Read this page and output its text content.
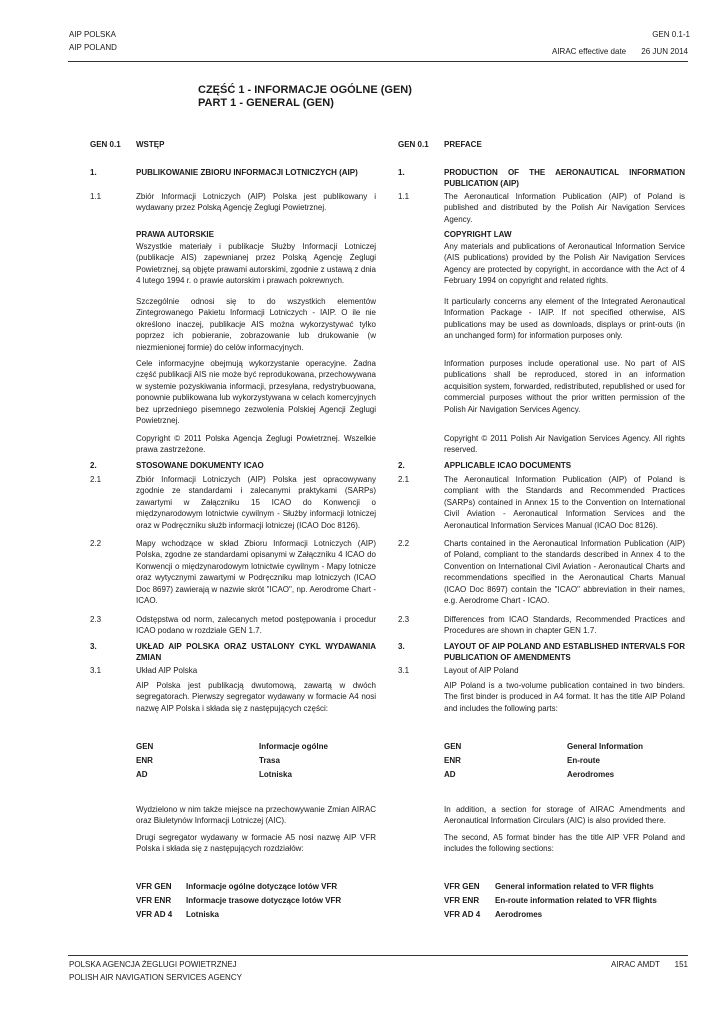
AIP POLSKA
AIP POLAND
GEN 0.1-1
AIRAC effective date 26 JUN 2014
CZĘŚĆ 1 - INFORMACJE OGÓLNE (GEN)
PART 1 - GENERAL (GEN)
GEN 0.1 WSTĘP
1.	PUBLIKOWANIE ZBIORU INFORMACJI LOTNICZYCH (AIP)
1.1	Zbiór Informacji Lotniczych (AIP) Polska jest publikowany i wydawany przez Polską Agencję Żeglugi Powietrznej.
PRAWA AUTORSKIE
Wszystkie materiały i publikacje Służby Informacji Lotniczej (publikacje AIS) zapewnianej przez Polską Agencję Żeglugi Powietrznej, są objęte prawami autorskimi, zgodnie z ustawą z dnia 4 lutego 1994 r. o prawie autorskim i prawach pokrewnych.
Szczególnie odnosi się to do wszystkich elementów Zintegrowanego Pakietu Informacji Lotniczych - IAIP. O ile nie określono inaczej, publikacje AIS można wykorzystywać tylko poprzez ich pobieranie, zobrazowanie lub drukowanie (w niezmienionej formie) do celów informacyjnych.
Cele informacyjne obejmują wykorzystanie operacyjne. Żadna część publikacji AIS nie może być reprodukowana, przechowywana w systemie pozyskiwania informacji, przesyłana, redystrybuowana, ponownie publikowana lub wykorzystywana w celach komercyjnych bez uprzedniego pisemnego zezwolenia Polskiej Agencji Żeglugi Powietrznej.
Copyright © 2011 Polska Agencja Żeglugi Powietrznej. Wszelkie prawa zastrzeżone.
2.	STOSOWANE DOKUMENTY ICAO
2.1	Zbiór Informacji Lotniczych (AIP) Polska jest opracowywany zgodnie ze standardami i zalecanymi praktykami (SARPs) zawartymi w Załączniku 15 ICAO do Konwencji o międzynarodowym lotnictwie cywilnym - Służby informacji lotniczej oraz w Podręczniku służb informacji lotniczej (ICAO Doc 8126).
2.2	Mapy wchodzące w skład Zbioru Informacji Lotniczych (AIP) Polska, zgodne ze standardami opisanymi w Załączniku 4 ICAO do Konwencji o międzynarodowym lotnictwie cywilnym - Mapy lotnicze oraz wytycznymi zawartymi w Podręczniku map lotniczych (ICAO Doc 8697) zawierają w nazwie skrót "ICAO", np. Aerodrome Chart - ICAO.
2.3	Odstępstwa od norm, zalecanych metod postępowania i procedur ICAO podano w rozdziale GEN 1.7.
3.	UKŁAD AIP POLSKA ORAZ USTALONY CYKL WYDAWANIA ZMIAN
3.1	Układ AIP Polska
AIP Polska jest publikacją dwutomową, zawartą w dwóch segregatorach. Pierwszy segregator wydawany w formacie A4 nosi nazwę AIP Polska i składa się z następujących części:
GEN	Informacje ogólne
ENR	Trasa
AD	Lotniska
Wydzielono w nim także miejsce na przechowywanie Zmian AIRAC oraz Biuletynów Informacji Lotniczej (AIC).
Drugi segregator wydawany w formacie A5 nosi nazwę AIP VFR Polska i składa się z następujących rozdziałów:
VFR GEN Informacje ogólne dotyczące lotów VFR
VFR ENR Informacje trasowe dotyczące lotów VFR
VFR AD 4 Lotniska
GEN 0.1 PREFACE
1.	PRODUCTION OF THE AERONAUTICAL INFORMATION PUBLICATION (AIP)
1.1	The Aeronautical Information Publication (AIP) of Poland is published and distributed by the Polish Air Navigation Services Agency.
COPYRIGHT LAW
Any materials and publications of Aeronautical Information Service (AIS publications) provided by the Polish Air Navigation Services Agency are protected by copyright, in accordance with the Act of 4 February 1994 on copyright and related rights.
It particularly concerns any element of the Integrated Aeronautical Information Package - IAIP. If not specified otherwise, AIS publications may be used as downloads, displays or print-outs (in an unchanged form) for information purposes only.
Information purposes include operational use. No part of AIS publications shall be reproduced, stored in an information acquisition system, forwarded, redistributed, republished or used for commercial purposes without the prior written permission of the Polish Air Navigation Services Agency.
Copyright © 2011 Polish Air Navigation Services Agency. All rights reserved.
2.	APPLICABLE ICAO DOCUMENTS
2.1	The Aeronautical Information Publication (AIP) of Poland is compliant with the Standards and Recommended Practices (SARPs) contained in Annex 15 to the Convention on International Civil Aviation - Aeronautical Information Services and the Aeronautical Information Services Manual (ICAO Doc 8126).
2.2	Charts contained in the Aeronautical Information Publication (AIP) of Poland, compliant to the standards described in Annex 4 to the Convention on International Civil Aviation - Aeronautical Charts and recommendations specified in the Aeronautical Charts Manual (ICAO Doc 8697) contain the "ICAO" abbreviation in their names, e.g. Aerodrome Chart - ICAO.
2.3	Differences from ICAO Standards, Recommended Practices and Procedures are shown in chapter GEN 1.7.
3.	LAYOUT OF AIP POLAND AND ESTABLISHED INTERVALS FOR PUBLICATION OF AMENDMENTS
3.1	Layout of AIP Poland
AIP Poland is a two-volume publication contained in two binders. The first binder is produced in A4 format. It has the title AIP Poland and includes the following parts:
GEN	General Information
ENR	En-route
AD	Aerodromes
In addition, a section for storage of AIRAC Amendments and Aeronautical Information Circulars (AIC) is also provided there.
The second, A5 format binder has the title AIP VFR Poland and includes the following sections:
VFR GEN General information related to VFR flights
VFR ENR En-route information related to VFR flights
VFR AD 4 Aerodromes
POLSKA AGENCJA ŻEGLUGI POWIETRZNEJ
POLISH AIR NAVIGATION SERVICES AGENCY
AIRAC AMDT 151
